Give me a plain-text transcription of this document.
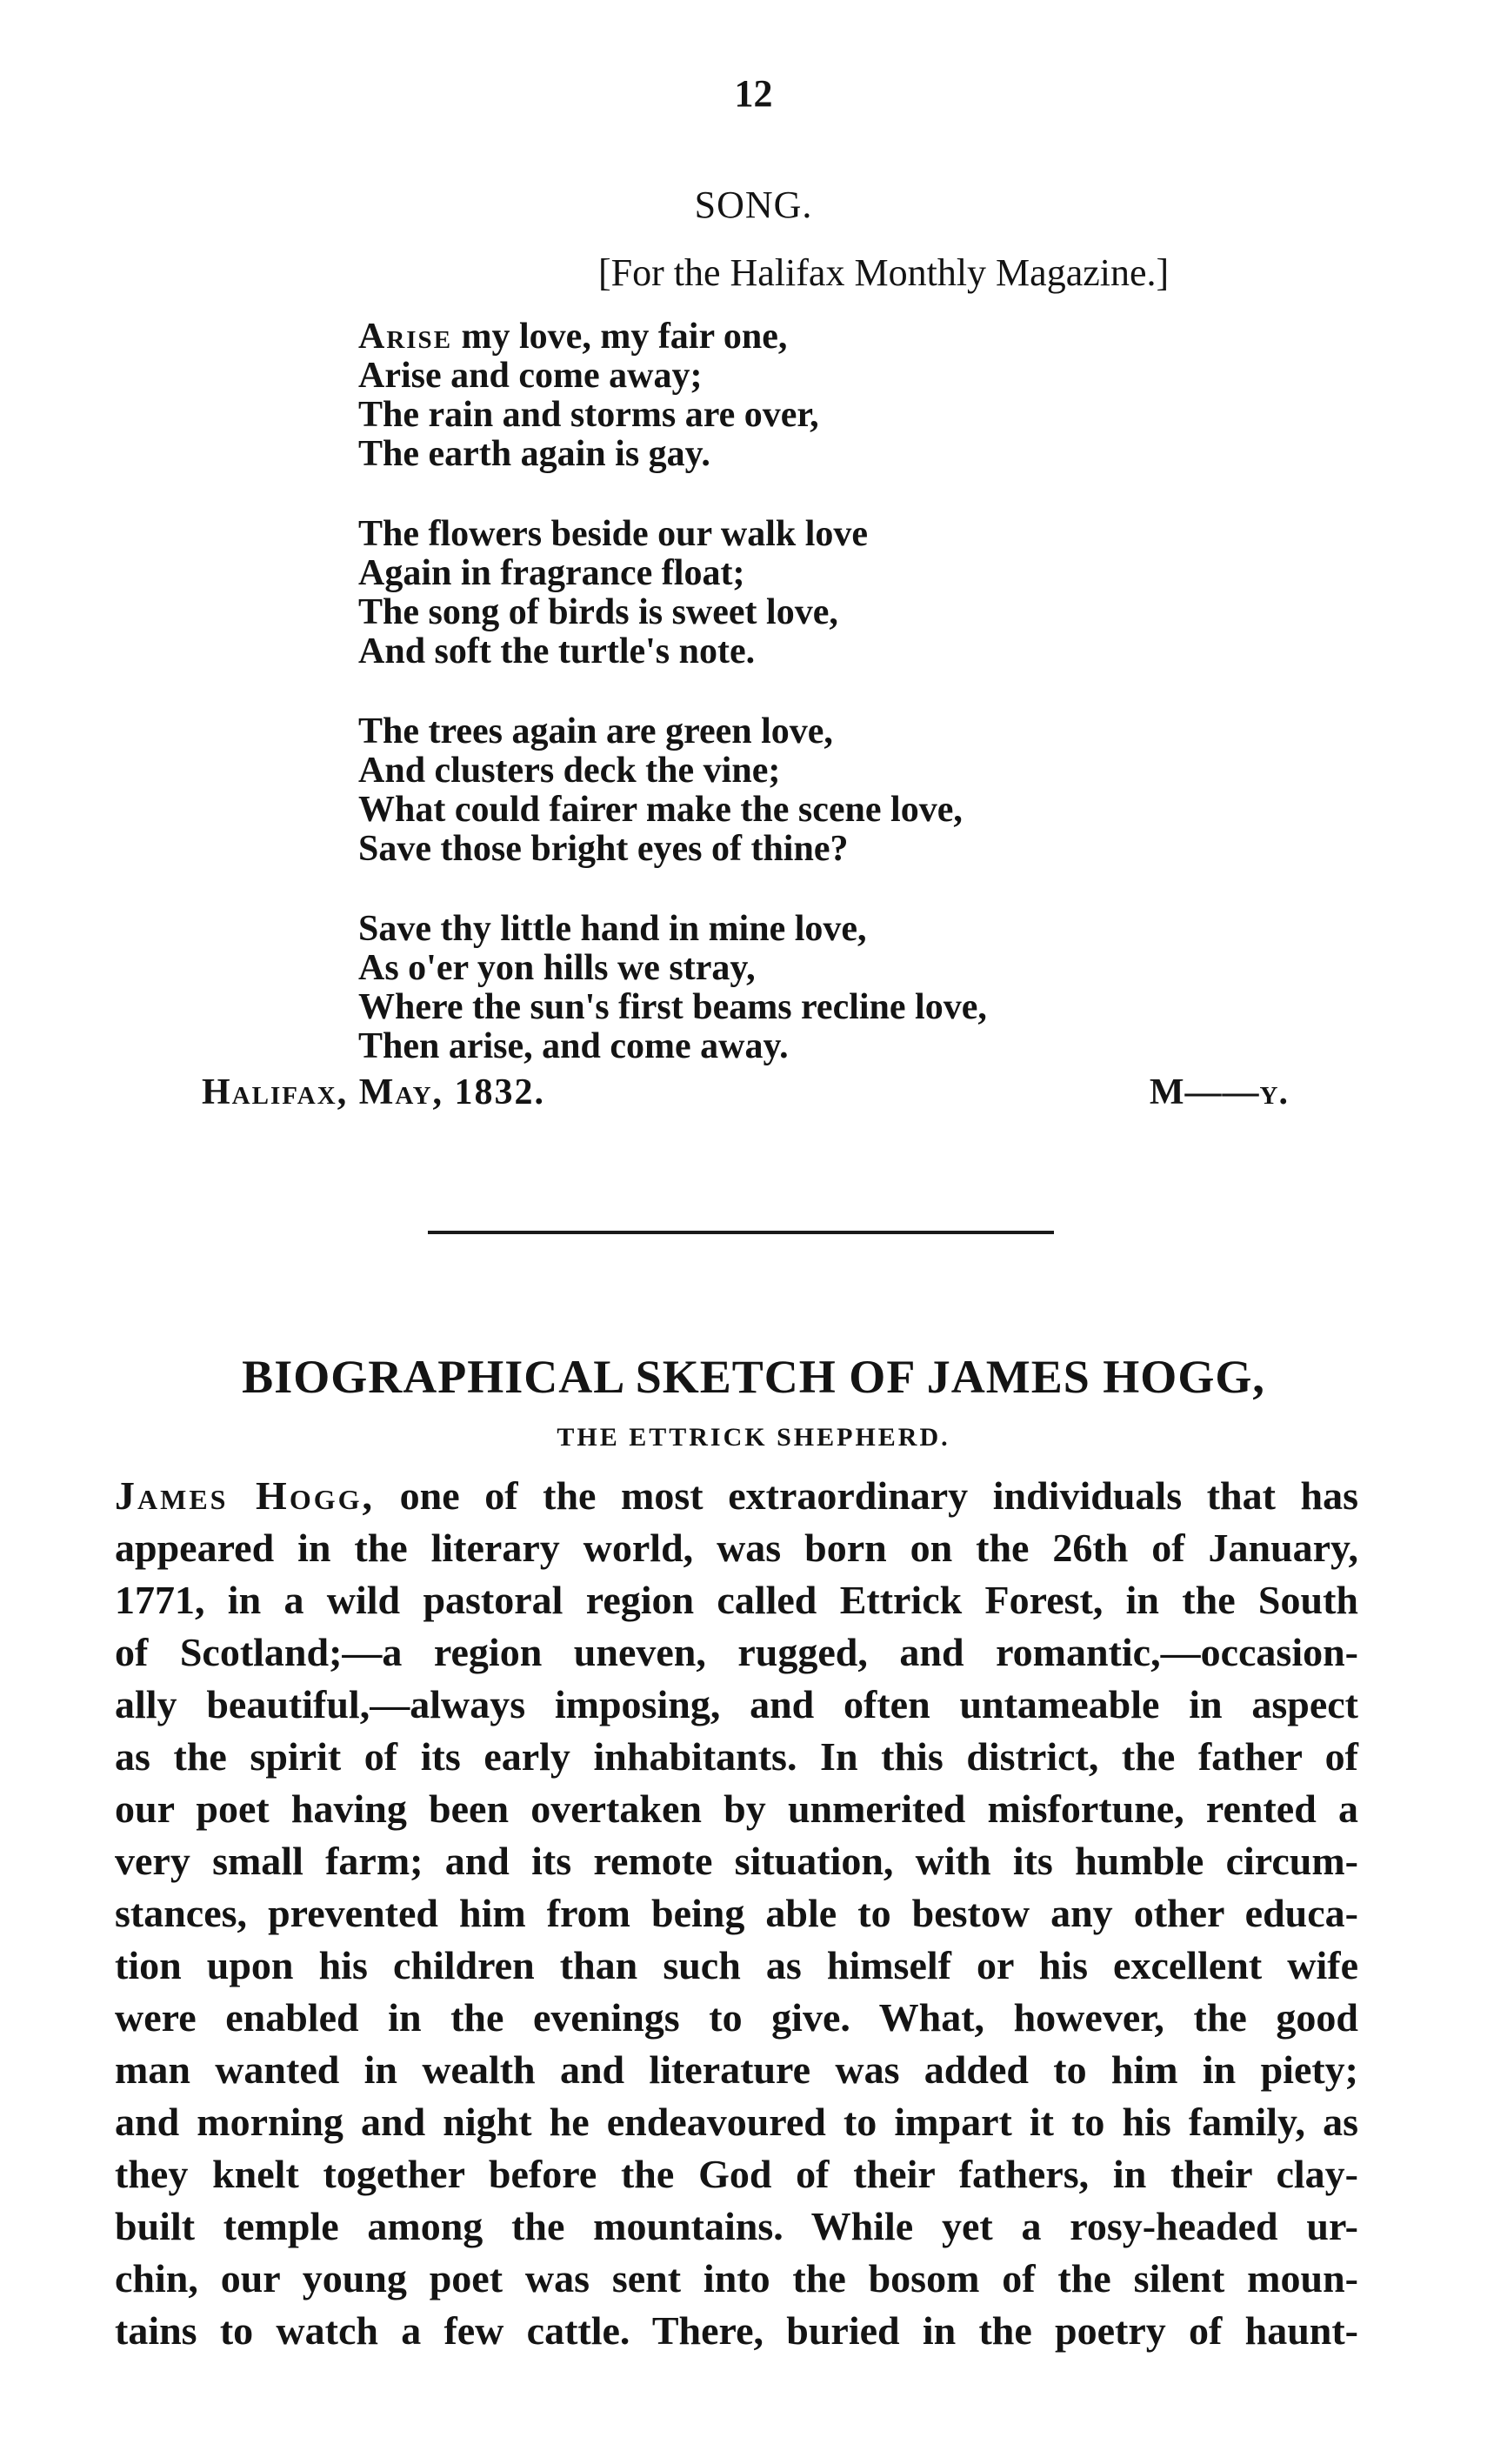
12
SONG.
[For the Halifax Monthly Magazine.]
Arise my love, my fair one,
Arise and come away;
The rain and storms are over,
The earth again is gay.
The flowers beside our walk love
Again in fragrance float;
The song of birds is sweet love,
And soft the turtle's note.
The trees again are green love,
And clusters deck the vine;
What could fairer make the scene love,
Save those bright eyes of thine?
Save thy little hand in mine love,
As o'er yon hills we stray,
Where the sun's first beams recline love,
Then arise, and come away.
Halifax, May, 1832.	M——y.
BIOGRAPHICAL SKETCH OF JAMES HOGG,
THE ETTRICK SHEPHERD.
James Hogg, one of the most extraordinary individuals that has
appeared in the literary world, was born on the 26th of January,
1771, in a wild pastoral region called Ettrick Forest, in the South
of Scotland;—a region uneven, rugged, and romantic,—occasion-
ally beautiful,—always imposing, and often untameable in aspect
as the spirit of its early inhabitants. In this district, the father of
our poet having been overtaken by unmerited misfortune, rented a
very small farm; and its remote situation, with its humble circum-
stances, prevented him from being able to bestow any other educa-
tion upon his children than such as himself or his excellent wife
were enabled in the evenings to give. What, however, the good
man wanted in wealth and literature was added to him in piety;
and morning and night he endeavoured to impart it to his family, as
they knelt together before the God of their fathers, in their clay-
built temple among the mountains. While yet a rosy-headed ur-
chin, our young poet was sent into the bosom of the silent moun-
tains to watch a few cattle. There, buried in the poetry of haunt-
